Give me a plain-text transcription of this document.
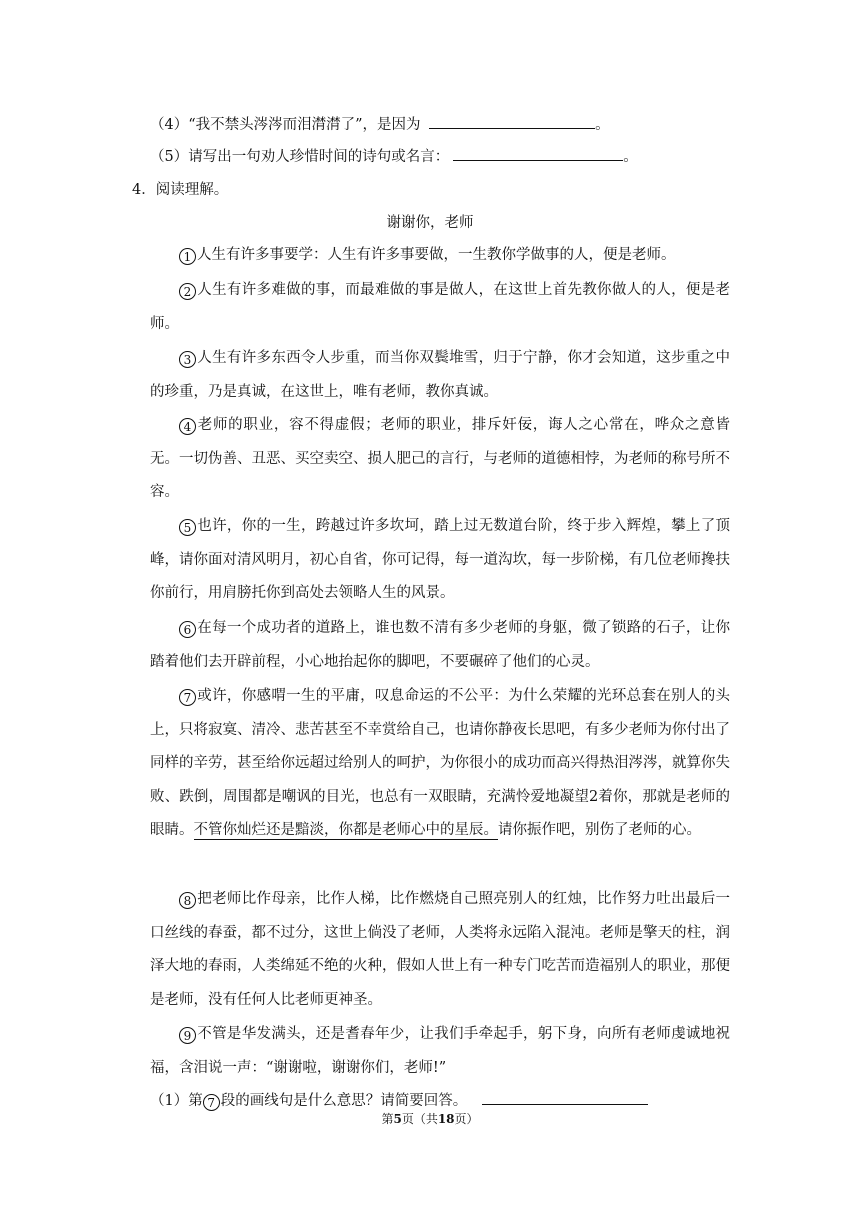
（4）“我不禁头涔涔而泪潸潸了”，是因为	。
（5）请写出一句劝人珍惜时间的诗句或名言：	。
4．阅读理解。
谢谢你，老师

1 人生有许多事要学：人生有许多事要做，一生教你学做事的人，便是老师。

2 人生有许多难做的事，而最难做的事是做人，在这世上首先教你做人的人，便是老师。

3 人生有许多东西令人步重，而当你双鬓堆雪，归于宁静，你才会知道，这步重之中的珍重，乃是真诚，在这世上，唯有老师，教你真诚。

4 老师的职业，容不得虚假；老师的职业，排斥奸佞，诲人之心常在，哗众之意皆无。一切伪善、丑恶、买空卖空、损人肥己的言行，与老师的道德相悖，为老师的称号所不容。

5 也许，你的一生，跨越过许多坎坷，踏上过无数道台阶，终于步入辉煌，攀上了顶峰，请你面对清风明月，初心自省，你可记得，每一道沟坎，每一步阶梯，有几位老师搀扶你前行，用肩膀托你到高处去领略人生的风景。

6 在每一个成功者的道路上，谁也数不清有多少老师的身躯，微了锁路的石子，让你踏着他们去开辟前程，小心地抬起你的脚吧，不要碾碎了他们的心灵。

7 或许，你感喟一生的平庸，叹息命运的不公平：为什么荣耀的光环总套在别人的头上，只将寂寞、清冷、悲苦甚至不幸赏给自己，也请你静夜长思吧，有多少老师为你付出了同样的辛劳，甚至给你远超过给别人的呵护，为你很小的成功而高兴得热泪涔涔，就算你失败、跌倒，周围都是嘲讽的目光，也总有一双眼睛，充满怜爱地凝望2着你，那就是老师的眼睛。不管你灿烂还是黯淡，你都是老师心中的星辰。请你振作吧，别伤了老师的心。

8 把老师比作母亲，比作人梯，比作燃烧自己照亮别人的红烛，比作努力吐出最后一口丝线的春蚕，都不过分，这世上倘没了老师，人类将永远陷入混沌。老师是擎天的柱，润泽大地的春雨，人类绵延不绝的火种，假如人世上有一种专门吃苦而造福别人的职业，那便是老师，没有任何人比老师更神圣。

9 不管是华发满头，还是耆春年少，让我们手牵起手，躬下身，向所有老师虔诚地祝福，含泪说一声：“谢谢啦，谢谢你们，老师!”

（1）第 7 段的画线句是什么意思？请简要回答。
第5页（共18页）
